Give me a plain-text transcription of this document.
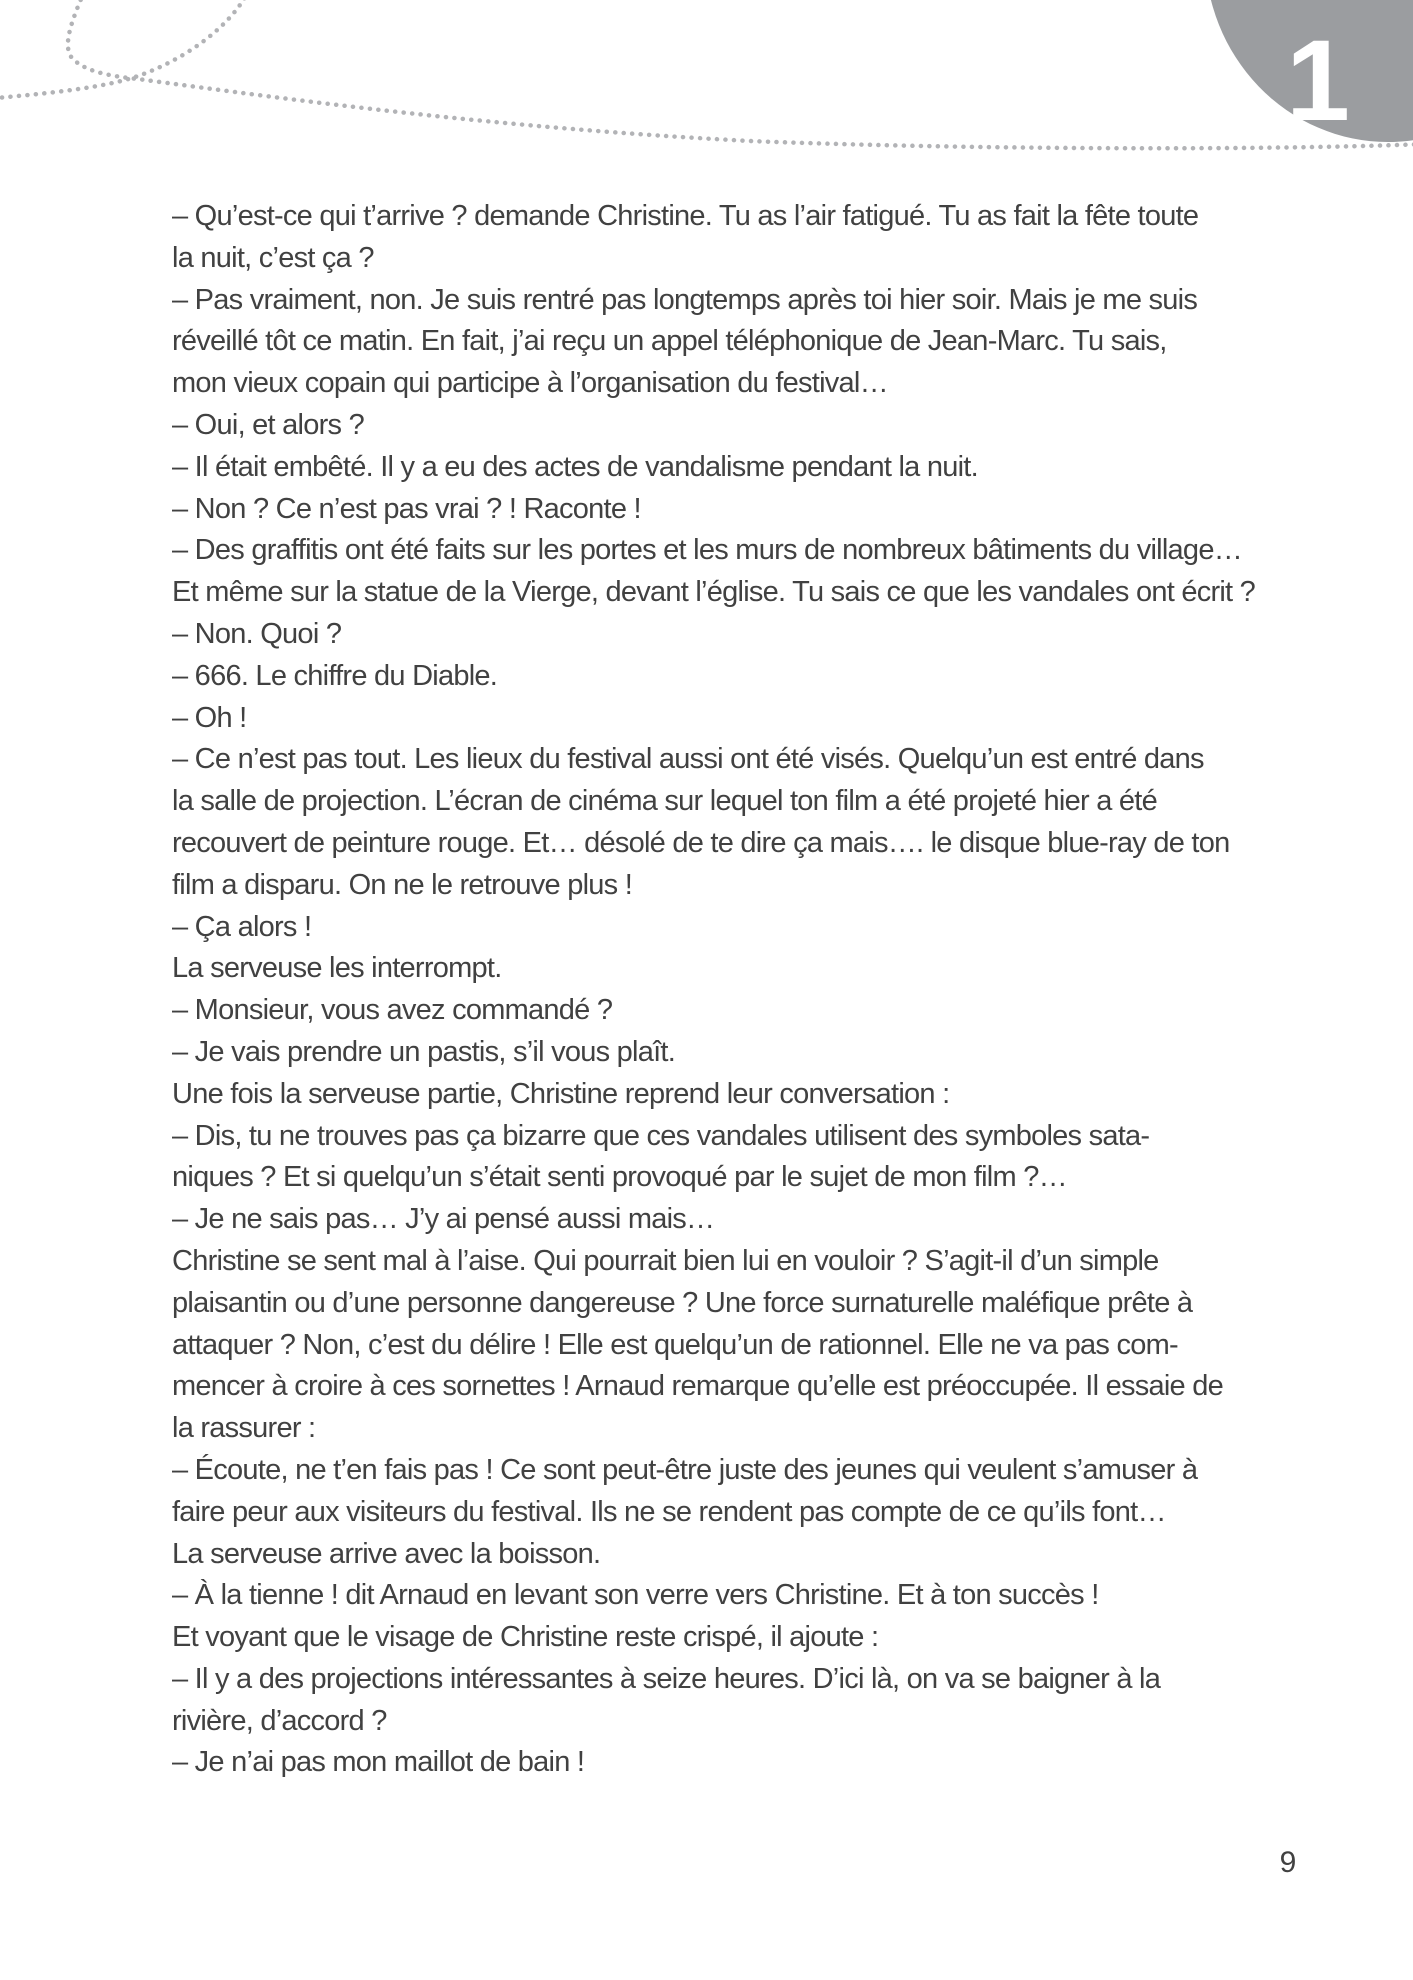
1
– Qu’est-ce qui t’arrive ? demande Christine. Tu as l’air fatigué. Tu as fait la fête toute
la nuit, c’est ça ?
– Pas vraiment, non. Je suis rentré pas longtemps après toi hier soir. Mais je me suis
réveillé tôt ce matin. En fait, j’ai reçu un appel téléphonique de Jean-Marc. Tu sais,
mon vieux copain qui participe à l’organisation du festival…
– Oui, et alors ?
– Il était embêté. Il y a eu des actes de vandalisme pendant la nuit.
– Non ? Ce n’est pas vrai ? ! Raconte !
– Des graffitis ont été faits sur les portes et les murs de nombreux bâtiments du village…
Et même sur la statue de la Vierge, devant l’église. Tu sais ce que les vandales ont écrit ?
– Non. Quoi ?
– 666. Le chiffre du Diable.
– Oh !
– Ce n’est pas tout. Les lieux du festival aussi ont été visés. Quelqu’un est entré dans
la salle de projection. L’écran de cinéma sur lequel ton film a été projeté hier a été
recouvert de peinture rouge. Et… désolé de te dire ça mais…. le disque blue-ray de ton
film a disparu. On ne le retrouve plus !
– Ça alors !
La serveuse les interrompt.
– Monsieur, vous avez commandé ?
– Je vais prendre un pastis, s’il vous plaît.
Une fois la serveuse partie, Christine reprend leur conversation :
– Dis, tu ne trouves pas ça bizarre que ces vandales utilisent des symboles sata-
niques ? Et si quelqu’un s’était senti provoqué par le sujet de mon film ?…
– Je ne sais pas… J’y ai pensé aussi mais…
Christine se sent mal à l’aise. Qui pourrait bien lui en vouloir ? S’agit-il d’un simple
plaisantin ou d’une personne dangereuse ? Une force surnaturelle maléfique prête à
attaquer ? Non, c’est du délire ! Elle est quelqu’un de rationnel. Elle ne va pas com-
mencer à croire à ces sornettes ! Arnaud remarque qu’elle est préoccupée. Il essaie de
la rassurer :
– Écoute, ne t’en fais pas ! Ce sont peut-être juste des jeunes qui veulent s’amuser à
faire peur aux visiteurs du festival. Ils ne se rendent pas compte de ce qu’ils font…
La serveuse arrive avec la boisson.
– À la tienne ! dit Arnaud en levant son verre vers Christine. Et à ton succès !
Et voyant que le visage de Christine reste crispé, il ajoute :
– Il y a des projections intéressantes à seize heures. D’ici là, on va se baigner à la
rivière, d’accord ?
– Je n’ai pas mon maillot de bain !
9
